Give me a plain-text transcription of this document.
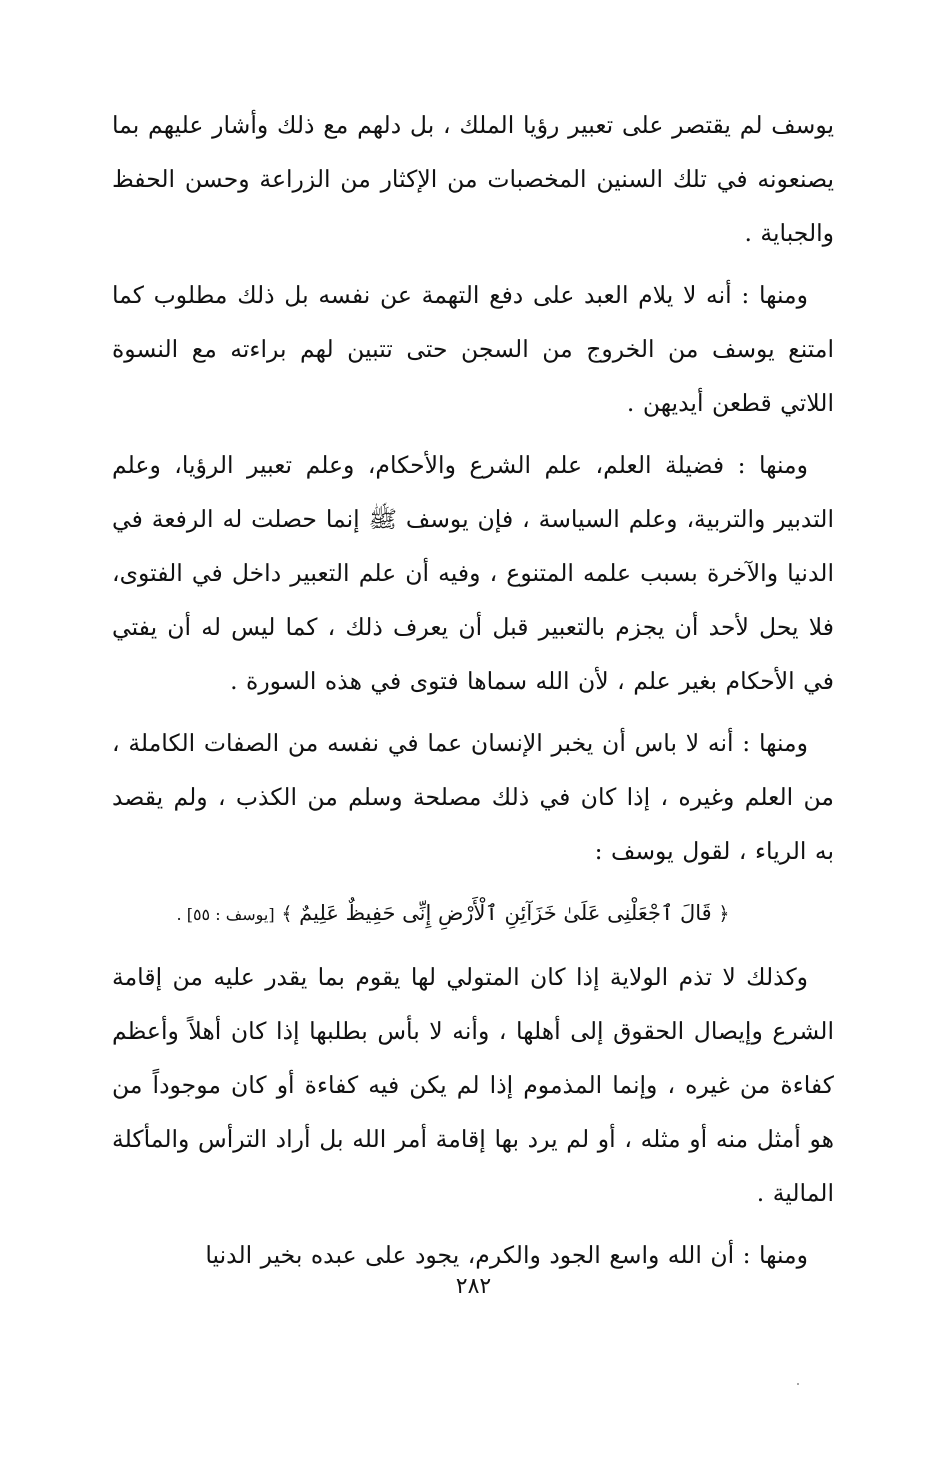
يوسف لم يقتصر على تعبير رؤيا الملك ، بل دلهم مع ذلك وأشار عليهم بما يصنعونه في تلك السنين المخصبات من الإكثار من الزراعة وحسن الحفظ والجباية .

ومنها : أنه لا يلام العبد على دفع التهمة عن نفسه بل ذلك مطلوب كما امتنع يوسف من الخروج من السجن حتى تتبين لهم براءته مع النسوة اللاتي قطعن أيديهن .

ومنها : فضيلة العلم، علم الشرع والأحكام، وعلم تعبير الرؤيا، وعلم التدبير والتربية، وعلم السياسة ، فإن يوسف ﷺ إنما حصلت له الرفعة في الدنيا والآخرة بسبب علمه المتنوع ، وفيه أن علم التعبير داخل في الفتوى، فلا يحل لأحد أن يجزم بالتعبير قبل أن يعرف ذلك ، كما ليس له أن يفتي في الأحكام بغير علم ، لأن الله سماها فتوى في هذه السورة .

ومنها : أنه لا باس أن يخبر الإنسان عما في نفسه من الصفات الكاملة ، من العلم وغيره ، إذا كان في ذلك مصلحة وسلم من الكذب ، ولم يقصد به الرياء ، لقول يوسف :

﴿ قَالَ ٱجْعَلْنِى عَلَىٰ خَزَآئِنِ ٱلْأَرْضِ إِنِّى حَفِيظٌ عَلِيمٌ ﴾ [يوسف : ٥٥] .

وكذلك لا تذم الولاية إذا كان المتولي لها يقوم بما يقدر عليه من إقامة الشرع وإيصال الحقوق إلى أهلها ، وأنه لا بأس بطلبها إذا كان أهلاً وأعظم كفاءة من غيره ، وإنما المذموم إذا لم يكن فيه كفاءة أو كان موجوداً من هو أمثل منه أو مثله ، أو لم يرد بها إقامة أمر الله بل أراد الترأس والمأكلة المالية .

ومنها : أن الله واسع الجود والكرم، يجود على عبده بخير الدنيا

٢٨٢
